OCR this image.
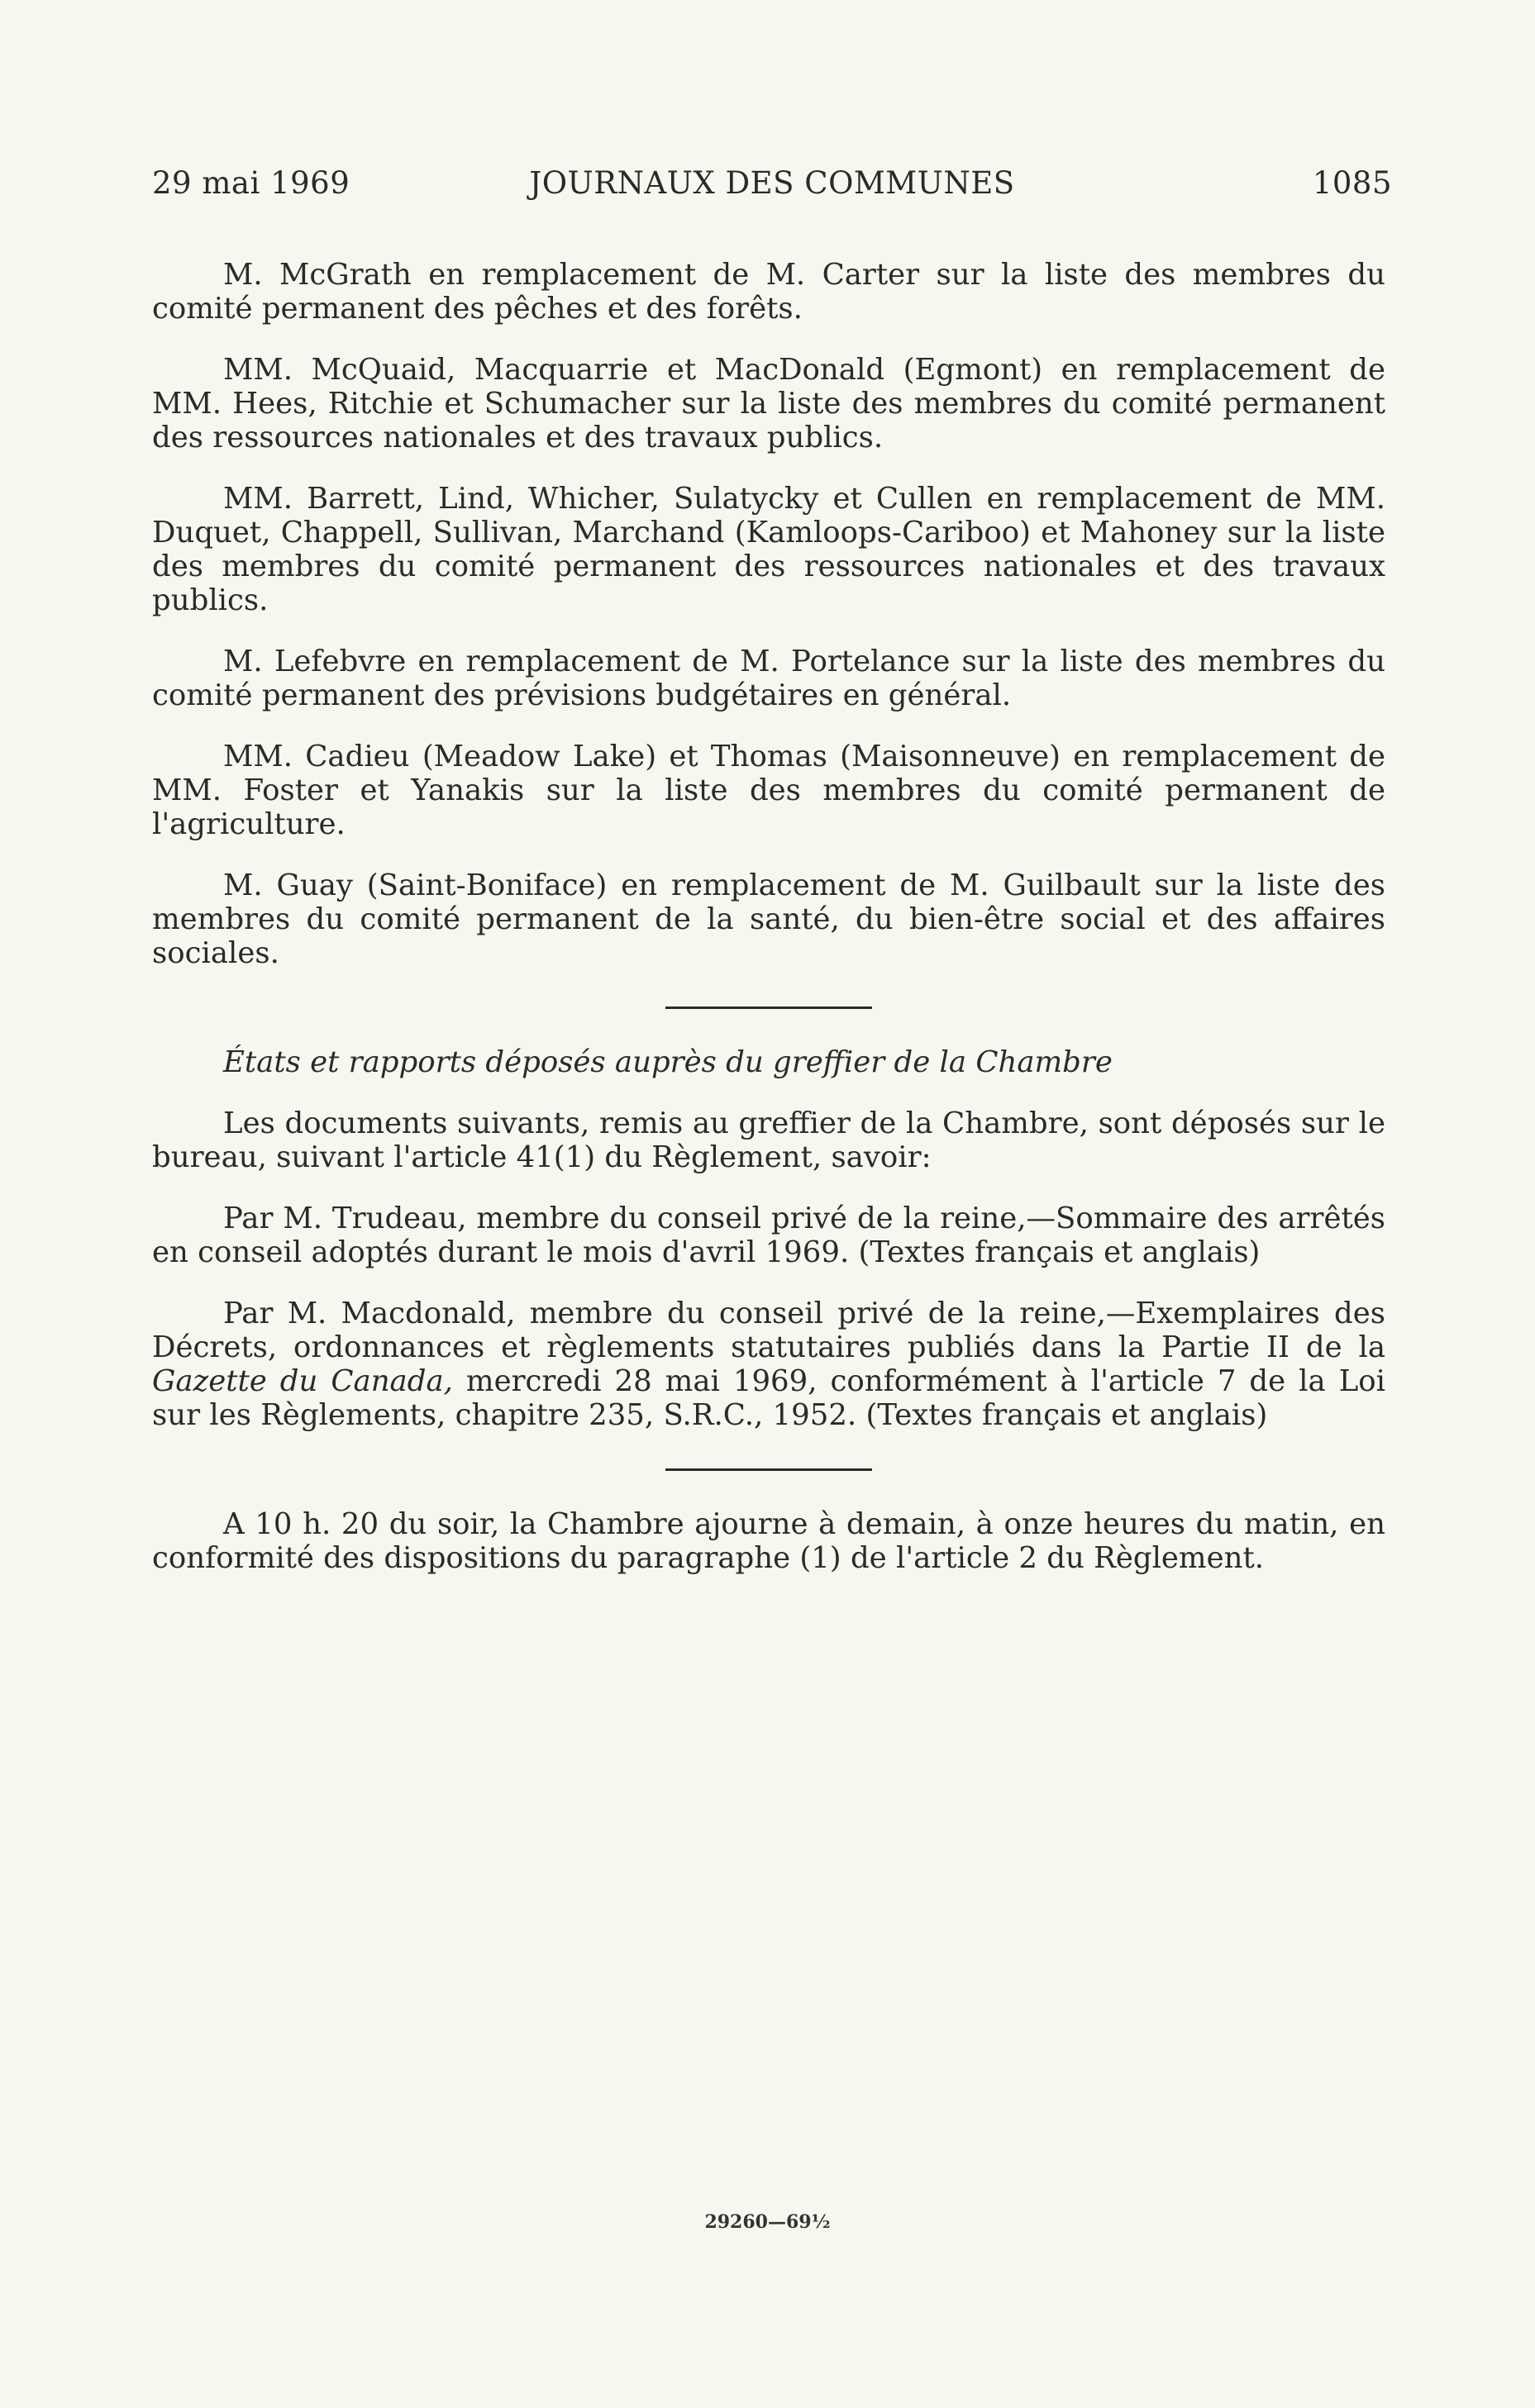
29 mai 1969	JOURNAUX DES COMMUNES	1085

M. McGrath en remplacement de M. Carter sur la liste des membres du comité permanent des pêches et des forêts.

MM. McQuaid, Macquarrie et MacDonald (Egmont) en remplacement de MM. Hees, Ritchie et Schumacher sur la liste des membres du comité permanent des ressources nationales et des travaux publics.

MM. Barrett, Lind, Whicher, Sulatycky et Cullen en remplacement de MM. Duquet, Chappell, Sullivan, Marchand (Kamloops-Cariboo) et Mahoney sur la liste des membres du comité permanent des ressources nationales et des travaux publics.

M. Lefebvre en remplacement de M. Portelance sur la liste des membres du comité permanent des prévisions budgétaires en général.

MM. Cadieu (Meadow Lake) et Thomas (Maisonneuve) en remplacement de MM. Foster et Yanakis sur la liste des membres du comité permanent de l'agriculture.

M. Guay (Saint-Boniface) en remplacement de M. Guilbault sur la liste des membres du comité permanent de la santé, du bien-être social et des affaires sociales.

États et rapports déposés auprès du greffier de la Chambre

Les documents suivants, remis au greffier de la Chambre, sont déposés sur le bureau, suivant l'article 41(1) du Règlement, savoir:

Par M. Trudeau, membre du conseil privé de la reine,—Sommaire des arrêtés en conseil adoptés durant le mois d'avril 1969. (Textes français et anglais)

Par M. Macdonald, membre du conseil privé de la reine,—Exemplaires des Décrets, ordonnances et règlements statutaires publiés dans la Partie II de la Gazette du Canada, mercredi 28 mai 1969, conformément à l'article 7 de la Loi sur les Règlements, chapitre 235, S.R.C., 1952. (Textes français et anglais)

A 10 h. 20 du soir, la Chambre ajourne à demain, à onze heures du matin, en conformité des dispositions du paragraphe (1) de l'article 2 du Règlement.

29260—69½
